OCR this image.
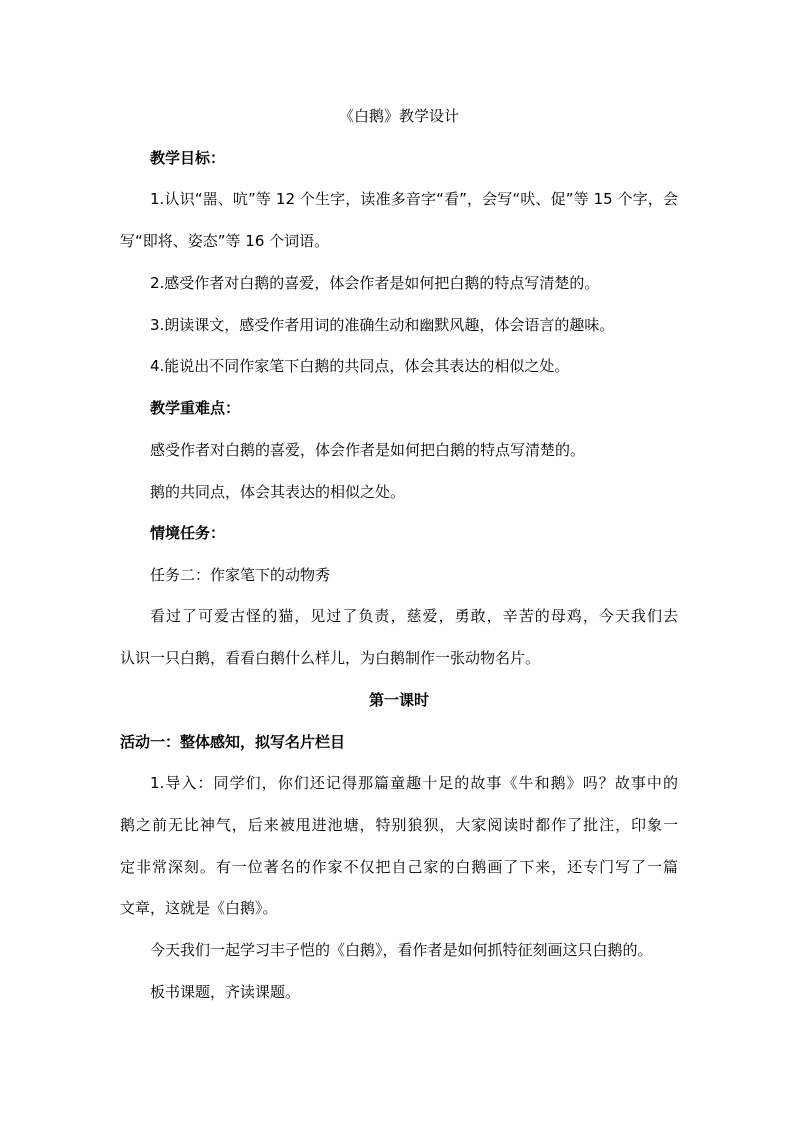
《白鹅》教学设计
教学目标：
1.认识“噐、吭”等 12 个生字，读准多音字“看”，会写“吠、促”等 15 个字，会
写“即将、姿态”等 16 个词语。
2.感受作者对白鹅的喜爱，体会作者是如何把白鹅的特点写清楚的。
3.朗读课文，感受作者用词的准确生动和幽默风趣，体会语言的趣味。
4.能说出不同作家笔下白鹅的共同点，体会其表达的相似之处。
教学重难点：
感受作者对白鹅的喜爱，体会作者是如何把白鹅的特点写清楚的。
鹅的共同点，体会其表达的相似之处。
情境任务：
任务二：作家笔下的动物秀
看过了可爱古怪的猫，见过了负责，慈爱，勇敢，辛苦的母鸡，今天我们去
认识一只白鹅，看看白鹅什么样儿，为白鹅制作一张动物名片。
第一课时
活动一：整体感知，拟写名片栏目
1.导入：同学们，你们还记得那篇童趣十足的故事《牛和鹅》吗？故事中的
鹅之前无比神气，后来被甩进池塘，特别狼狈，大家阅读时都作了批注，印象一
定非常深刻。有一位著名的作家不仅把自己家的白鹅画了下来，还专门写了一篇
文章，这就是《白鹅》。
今天我们一起学习丰子恺的《白鹅》，看作者是如何抓特征刻画这只白鹅的。
板书课题，齐读课题。
